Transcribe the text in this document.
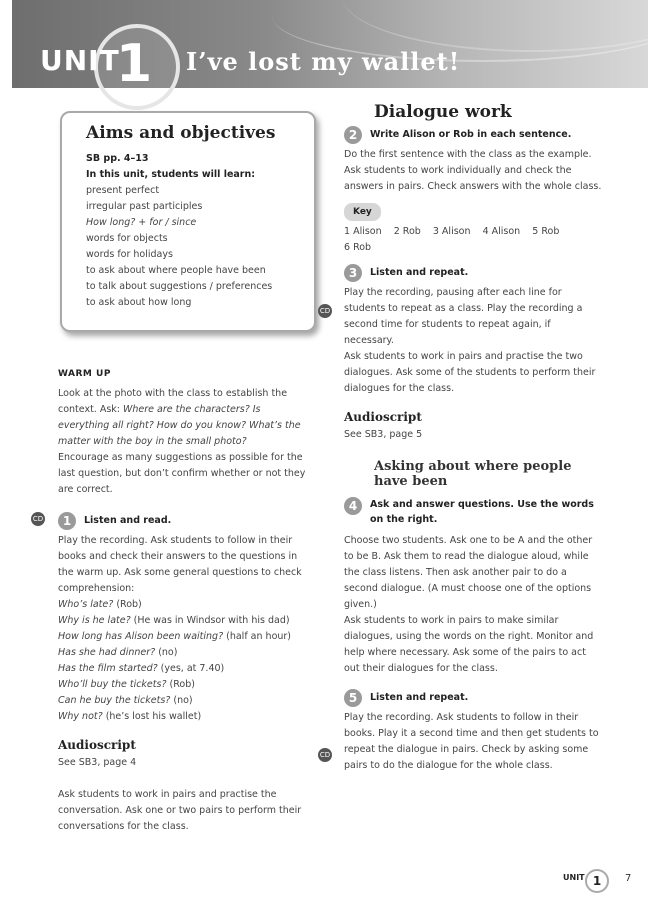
UNIT
1 I’ve lost my wallet!
Aims and objectives
SB pp. 4–13
In this unit, students will learn:
present perfect
irregular past participles
How long? + for / since
words for objects
words for holidays
to ask about where people have been
to talk about suggestions / preferences
to ask about how long
WARM UP

Look at the photo with the class to establish the context. Ask: Where are the characters? Is everything all right? How do you know? What’s the matter with the boy in the small photo?

Encourage as many suggestions as possible for the last question, but don’t confirm whether or not they are correct.

1	Listen and read.

Play the recording. Ask students to follow in their books and check their answers to the questions in the warm up. Ask some general questions to check comprehension:

Who’s late? (Rob)

Why is he late? (He was in Windsor with his dad)

How long has Alison been waiting? (half an hour)

Has she had dinner? (no)

Has the film started? (yes, at 7.40)

Who’ll buy the tickets? (Rob)

Can he buy the tickets? (no)

Why not? (he’s lost his wallet)

Audioscript

See SB3, page 4

Ask students to work in pairs and practise the conversation. Ask one or two pairs to perform their conversations for the class.

CD
Dialogue work
2	Write Alison or Rob in each sentence.

Do the first sentence with the class as the example. Ask students to work individually and check the answers in pairs. Check answers with the whole class.

Key

1 Alison    2 Rob    3 Alison    4 Alison    5 Rob

6 Rob

3	Listen and repeat.

Play the recording, pausing after each line for students to repeat as a class. Play the recording a second time for students to repeat again, if necessary.

Ask students to work in pairs and practise the two dialogues. Ask some of the students to perform their dialogues for the class.

Audioscript

See SB3, page 5

Asking about where people
have been
4	Ask and answer questions. Use the words
on the right.

Choose two students. Ask one to be A and the other to be B. Ask them to read the dialogue aloud, while the class listens. Then ask another pair to do a second dialogue. (A must choose one of the options given.)

Ask students to work in pairs to make similar dialogues, using the words on the right. Monitor and help where necessary. Ask some of the pairs to act out their dialogues for the class.

5	Listen and repeat.

Play the recording. Ask students to follow in their books. Play it a second time and then get students to repeat the dialogue in pairs. Check by asking some pairs to do the dialogue for the whole class.

CD
CD
UNIT 1	7
